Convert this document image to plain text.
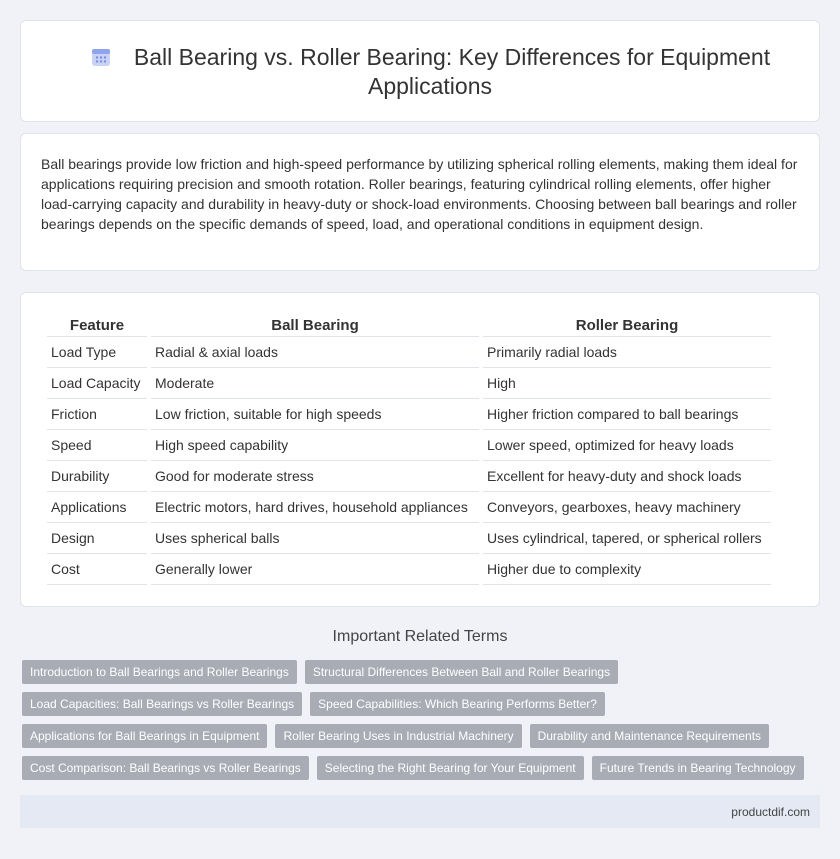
Ball Bearing vs. Roller Bearing: Key Differences for Equipment Applications

Ball bearings provide low friction and high-speed performance by utilizing spherical rolling elements, making them ideal for applications requiring precision and smooth rotation. Roller bearings, featuring cylindrical rolling elements, offer higher load-carrying capacity and durability in heavy-duty or shock-load environments. Choosing between ball bearings and roller bearings depends on the specific demands of speed, load, and operational conditions in equipment design.

Feature	Ball Bearing	Roller Bearing
Load Type	Radial & axial loads	Primarily radial loads
Load Capacity	Moderate	High
Friction	Low friction, suitable for high speeds	Higher friction compared to ball bearings
Speed	High speed capability	Lower speed, optimized for heavy loads
Durability	Good for moderate stress	Excellent for heavy-duty and shock loads
Applications	Electric motors, hard drives, household appliances	Conveyors, gearboxes, heavy machinery
Design	Uses spherical balls	Uses cylindrical, tapered, or spherical rollers
Cost	Generally lower	Higher due to complexity
Important Related Terms
Introduction to Ball Bearings and Roller Bearings	Structural Differences Between Ball and Roller Bearings
Load Capacities: Ball Bearings vs Roller Bearings	Speed Capabilities: Which Bearing Performs Better?
Applications for Ball Bearings in Equipment	Roller Bearing Uses in Industrial Machinery	Durability and Maintenance Requirements
Cost Comparison: Ball Bearings vs Roller Bearings	Selecting the Right Bearing for Your Equipment	Future Trends in Bearing Technology
productdif.com
